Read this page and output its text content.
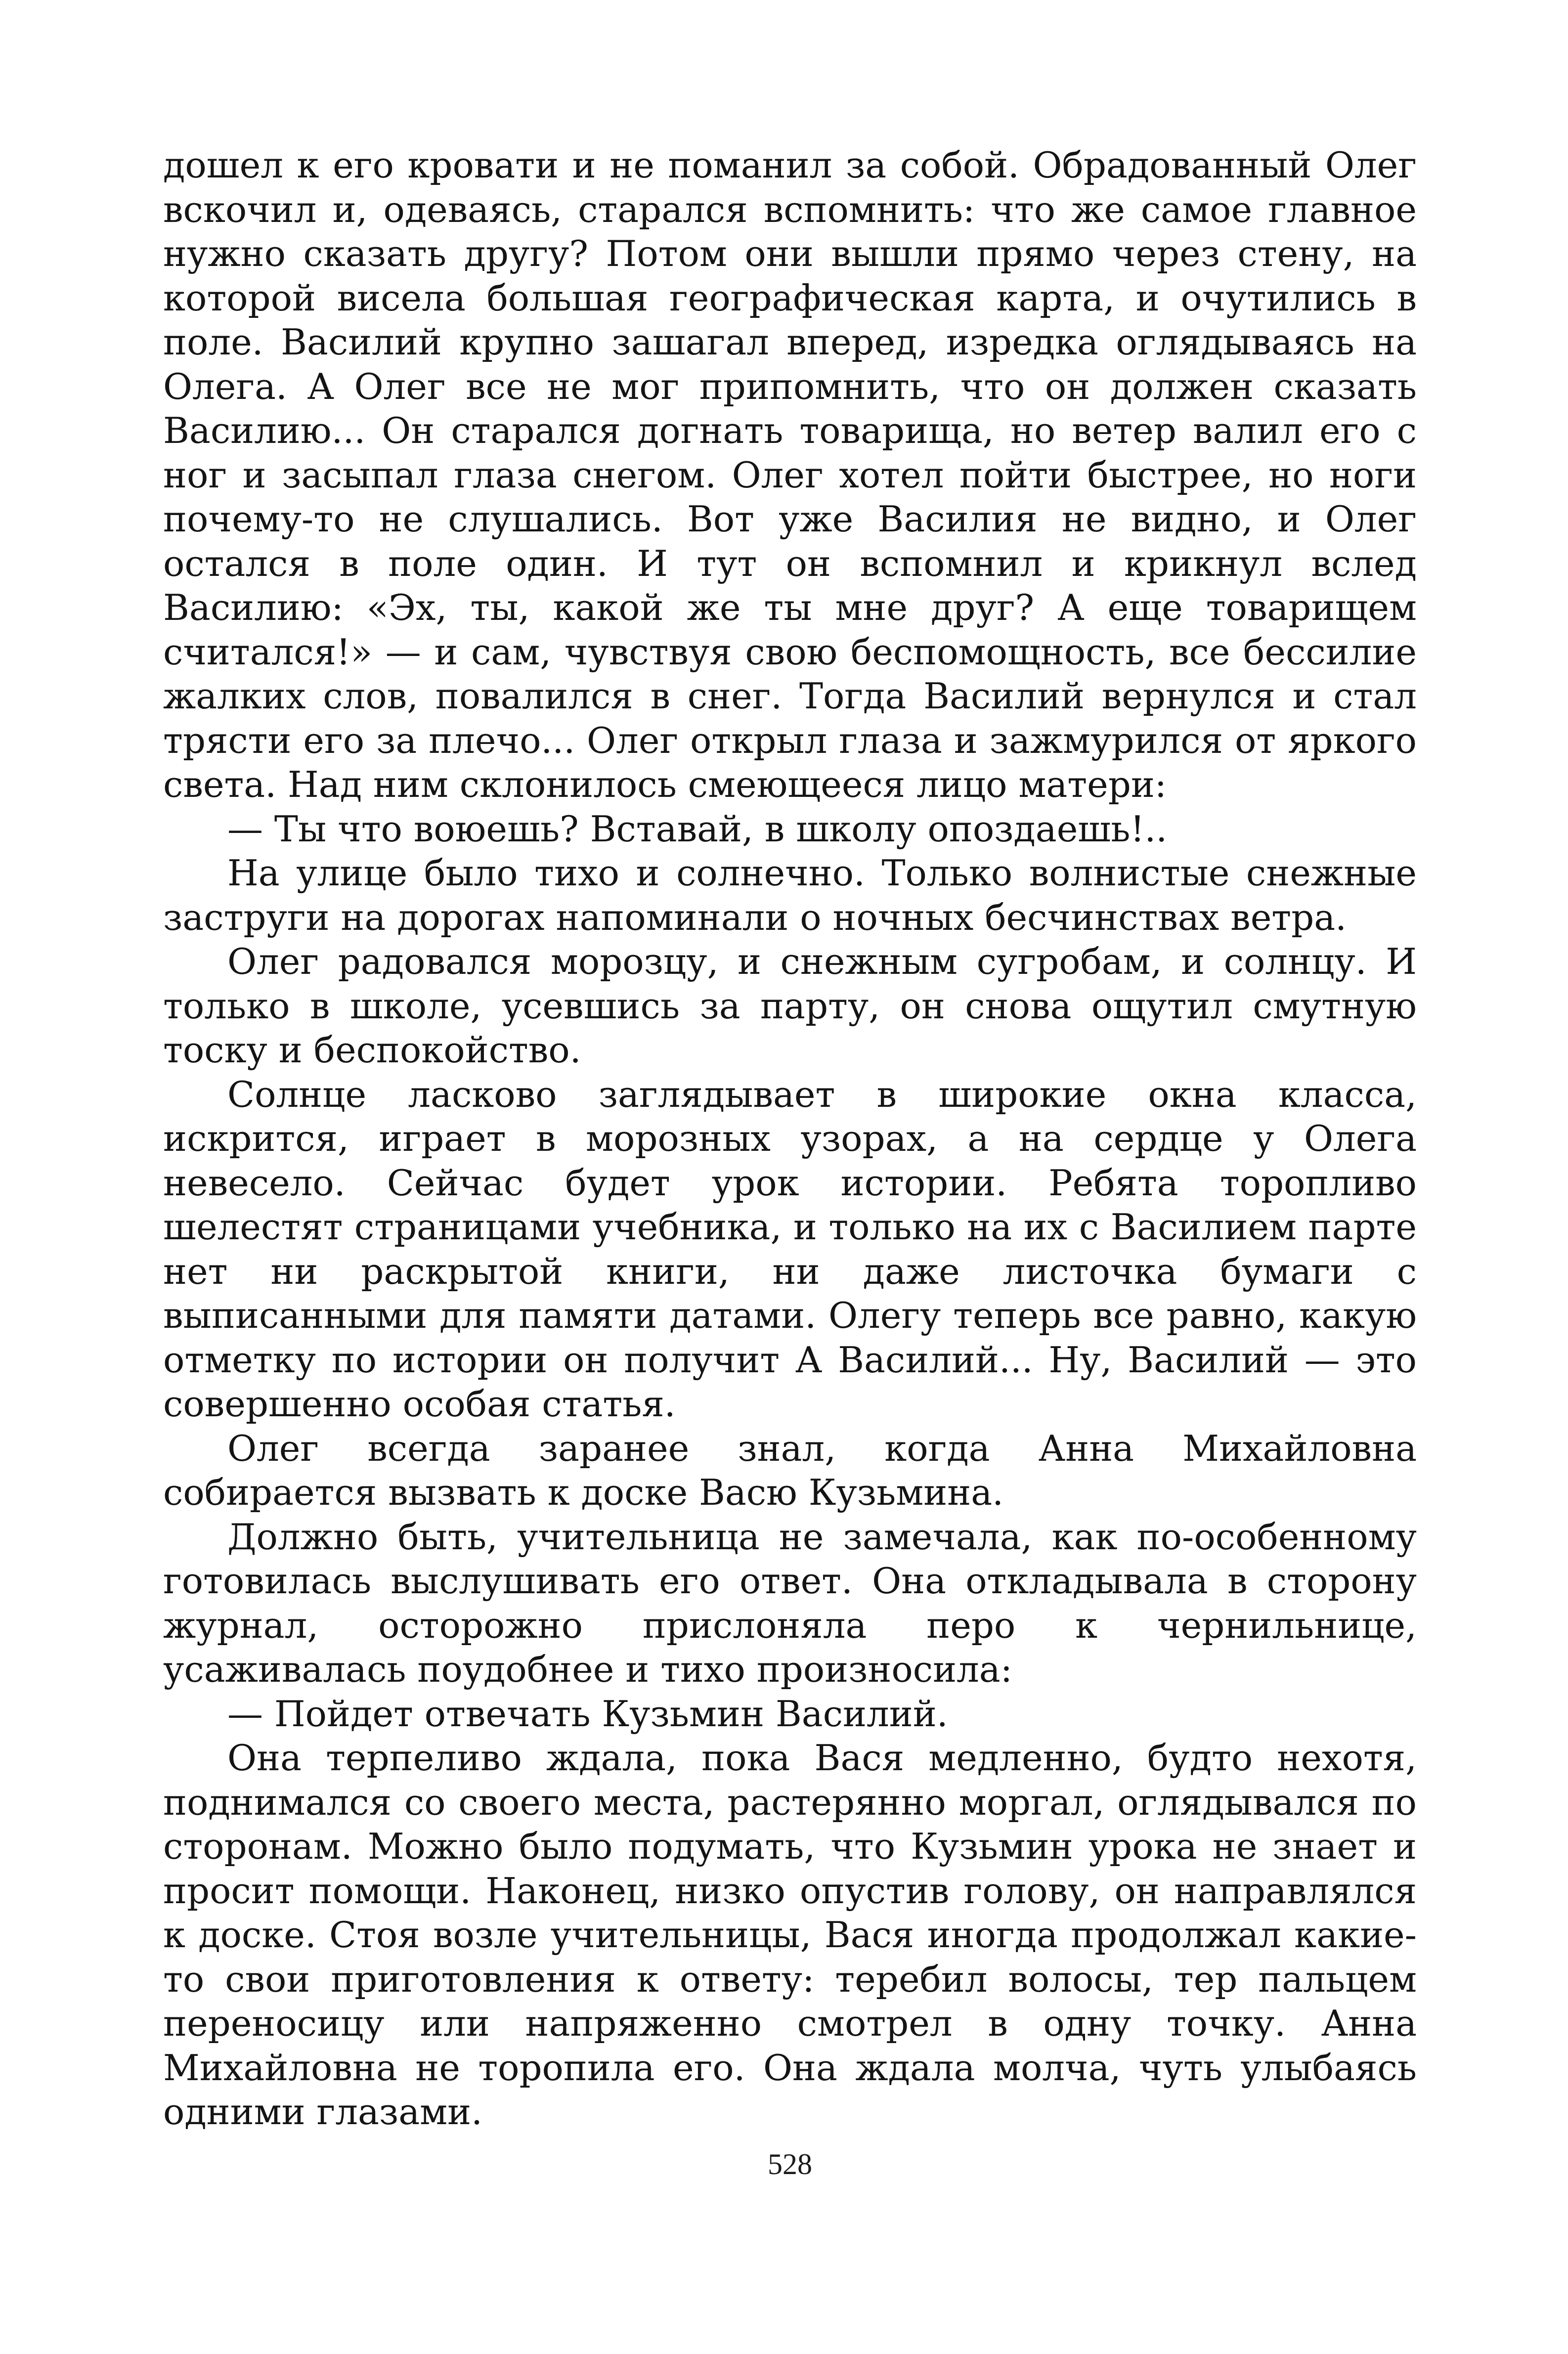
дошел к его кровати и не поманил за собой. Обрадованный Олег вскочил и, одеваясь, старался вспомнить: что же самое главное нужно сказать другу? Потом они вышли прямо через стену, на которой висела большая географическая карта, и очутились в поле. Василий крупно зашагал вперед, изредка оглядываясь на Олега. А Олег все не мог припомнить, что он должен сказать Василию... Он старался догнать товарища, но ветер валил его с ног и засыпал глаза снегом. Олег хотел пойти быстрее, но ноги почему-то не слушались. Вот уже Василия не видно, и Олег остался в поле один. И тут он вспомнил и крикнул вслед Василию: «Эх, ты, какой же ты мне друг? А еще товарищем считался!» — и сам, чувствуя свою беспомощность, все бессилие жалких слов, повалился в снег. Тогда Василий вернулся и стал трясти его за плечо... Олег открыл глаза и зажмурился от яркого света. Над ним склонилось смеющееся лицо матери:

— Ты что воюешь? Вставай, в школу опоздаешь!..

На улице было тихо и солнечно. Только волнистые снежные заструги на дорогах напоминали о ночных бесчинствах ветра.

Олег радовался морозцу, и снежным сугробам, и солнцу. И только в школе, усевшись за парту, он снова ощутил смутную тоску и беспокойство.

Солнце ласково заглядывает в широкие окна класса, искрится, играет в морозных узорах, а на сердце у Олега невесело. Сейчас будет урок истории. Ребята торопливо шелестят страницами учебника, и только на их с Василием парте нет ни раскрытой книги, ни даже листочка бумаги с выписанными для памяти датами. Олегу теперь все равно, какую отметку по истории он получит А Василий... Ну, Василий — это совершенно особая статья.

Олег всегда заранее знал, когда Анна Михайловна собирается вызвать к доске Васю Кузьмина.

Должно быть, учительница не замечала, как по-особенному готовилась выслушивать его ответ. Она откладывала в сторону журнал, осторожно прислоняла перо к чернильнице, усаживалась поудобнее и тихо произносила:

— Пойдет отвечать Кузьмин Василий.

Она терпеливо ждала, пока Вася медленно, будто нехотя, поднимался со своего места, растерянно моргал, оглядывался по сторонам. Можно было подумать, что Кузьмин урока не знает и просит помощи. Наконец, низко опустив голову, он направлялся к доске. Стоя возле учительницы, Вася иногда продолжал какие-то свои приготовления к ответу: теребил волосы, тер пальцем переносицу или напряженно смотрел в одну точку. Анна Михайловна не торопила его. Она ждала молча, чуть улыбаясь одними глазами.

528
